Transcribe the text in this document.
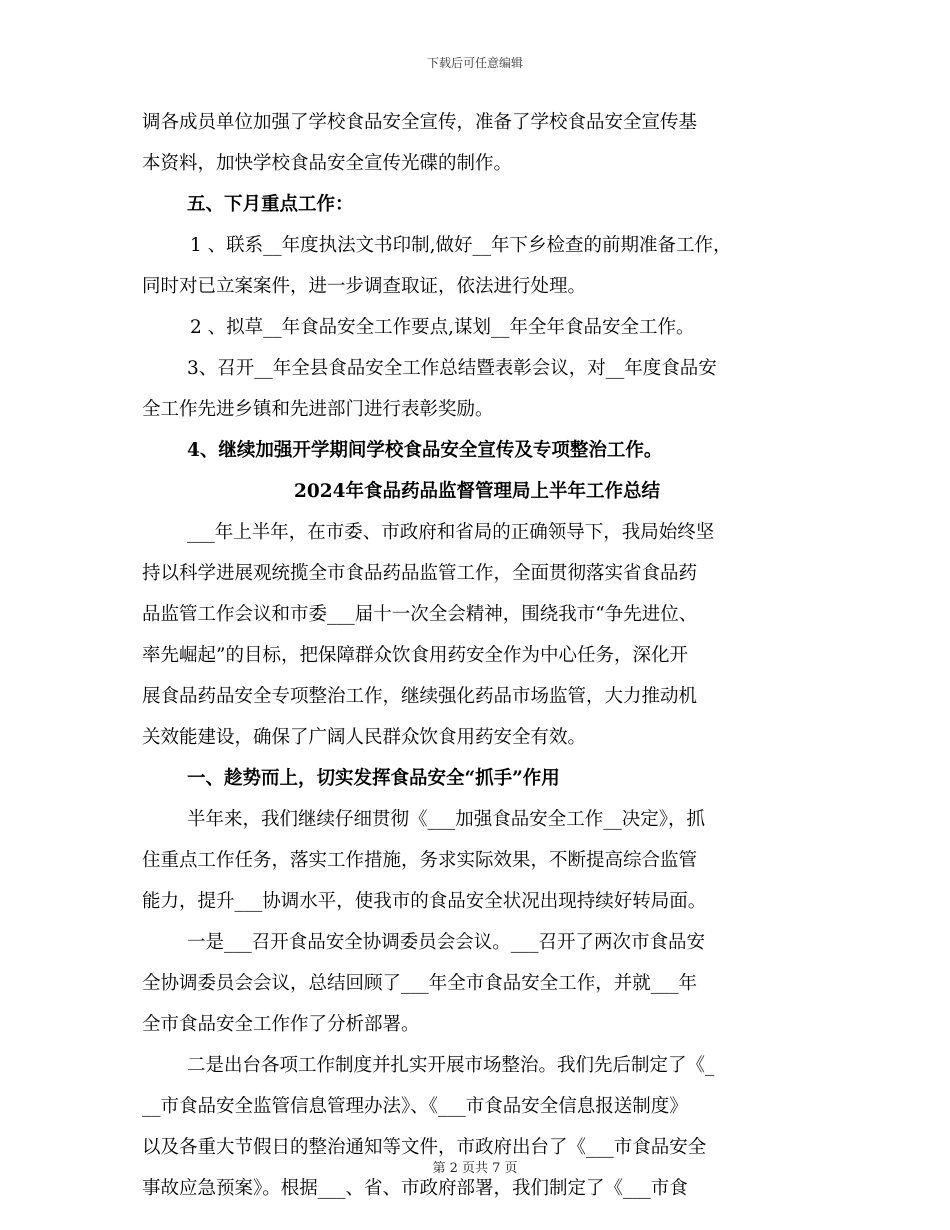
下载后可任意编辑
调各成员单位加强了学校食品安全宣传，准备了学校食品安全宣传基
本资料，加快学校食品安全宣传光碟的制作。
五、下月重点工作：
1 、联系__年度执法文书印制,做好__年下乡检查的前期准备工作，
同时对已立案案件，进一步调查取证，依法进行处理。
2 、拟草__年食品安全工作要点,谋划__年全年食品安全工作。
3、召开__年全县食品安全工作总结暨表彰会议，对__年度食品安
全工作先进乡镇和先进部门进行表彰奖励。
4、继续加强开学期间学校食品安全宣传及专项整治工作。
2024年食品药品监督管理局上半年工作总结
___年上半年，在市委、市政府和省局的正确领导下，我局始终坚
持以科学进展观统揽全市食品药品监管工作，全面贯彻落实省食品药
品监管工作会议和市委___届十一次全会精神，围绕我市“争先进位、
率先崛起”的目标，把保障群众饮食用药安全作为中心任务，深化开
展食品药品安全专项整治工作，继续强化药品市场监管，大力推动机
关效能建设，确保了广阔人民群众饮食用药安全有效。
一、趁势而上，切实发挥食品安全“抓手”作用
半年来，我们继续仔细贯彻《___加强食品安全工作__决定》，抓
住重点工作任务，落实工作措施，务求实际效果，不断提高综合监管
能力，提升___协调水平，使我市的食品安全状况出现持续好转局面。
一是___召开食品安全协调委员会会议。___召开了两次市食品安
全协调委员会会议，总结回顾了___年全市食品安全工作，并就___年
全市食品安全工作作了分析部署。
二是出台各项工作制度并扎实开展市场整治。我们先后制定了《_
__市食品安全监管信息管理办法》、《___市食品安全信息报送制度》
以及各重大节假日的整治通知等文件，市政府出台了《___市食品安全
事故应急预案》。根据___、省、市政府部署，我们制定了《___市食
第 2 页共 7 页
